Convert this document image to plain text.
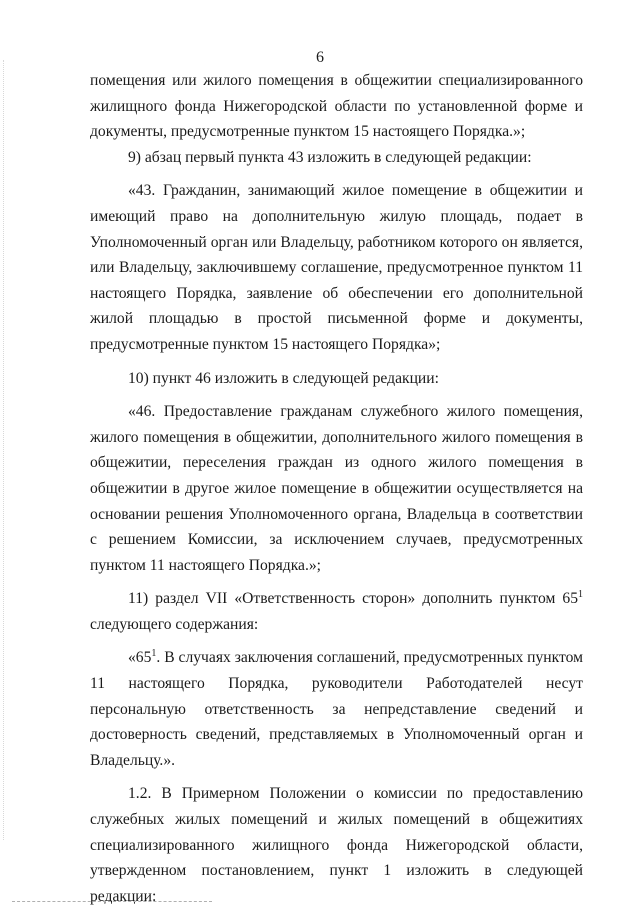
6

помещения или жилого помещения в общежитии специализированного жилищного фонда Нижегородской области по установленной форме и документы, предусмотренные пунктом 15 настоящего Порядка.»;

9) абзац первый пункта 43 изложить в следующей редакции:

«43. Гражданин, занимающий жилое помещение в общежитии и имеющий право на дополнительную жилую площадь, подает в Уполномоченный орган или Владельцу, работником которого он является, или Владельцу, заключившему соглашение, предусмотренное пунктом 11 настоящего Порядка, заявление об обеспечении его дополнительной жилой площадью в простой письменной форме и документы, предусмотренные пунктом 15 настоящего Порядка»;

10) пункт 46 изложить в следующей редакции:

«46. Предоставление гражданам служебного жилого помещения, жилого помещения в общежитии, дополнительного жилого помещения в общежитии, переселения граждан из одного жилого помещения в общежитии в другое жилое помещение в общежитии осуществляется на основании решения Уполномоченного органа, Владельца в соответствии с решением Комиссии, за исключением случаев, предусмотренных пунктом 11 настоящего Порядка.»;

11) раздел VII «Ответственность сторон» дополнить пунктом $65^1$ следующего содержания:

«$65^1$. В случаях заключения соглашений, предусмотренных пунктом 11 настоящего Порядка, руководители Работодателей несут персональную ответственность за непредставление сведений и достоверность сведений, представляемых в Уполномоченный орган и Владельцу.».

1.2. В Примерном Положении о комиссии по предоставлению служебных жилых помещений и жилых помещений в общежитиях специализированного жилищного фонда Нижегородской области, утвержденном постановлением, пункт 1 изложить в следующей редакции:
